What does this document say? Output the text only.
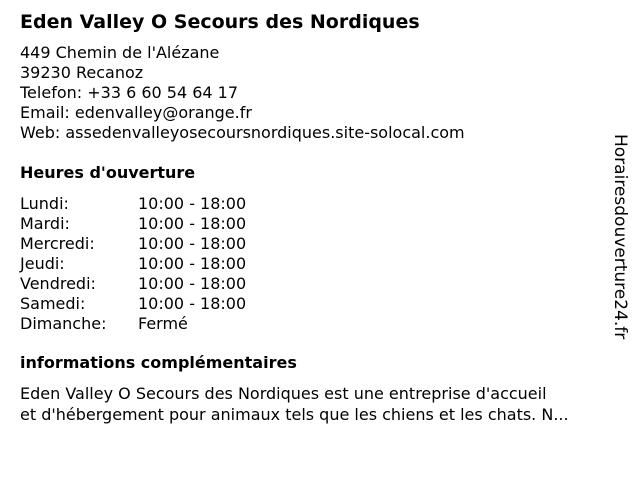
Eden Valley O Secours des Nordiques
449 Chemin de l'Alézane
39230 Recanoz
Telefon: +33 6 60 54 64 17
Email: edenvalley@orange.fr
Web: assedenvalleyosecoursnordiques.site-solocal.com
Heures d'ouverture
Lundi:	10:00 - 18:00
Mardi:	10:00 - 18:00
Mercredi:	10:00 - 18:00
Jeudi:	10:00 - 18:00
Vendredi:	10:00 - 18:00
Samedi:	10:00 - 18:00
Dimanche:	Fermé
informations complémentaires
Eden Valley O Secours des Nordiques est une entreprise d'accueil
et d'hébergement pour animaux tels que les chiens et les chats. N...
Horairesdouverture24.fr
